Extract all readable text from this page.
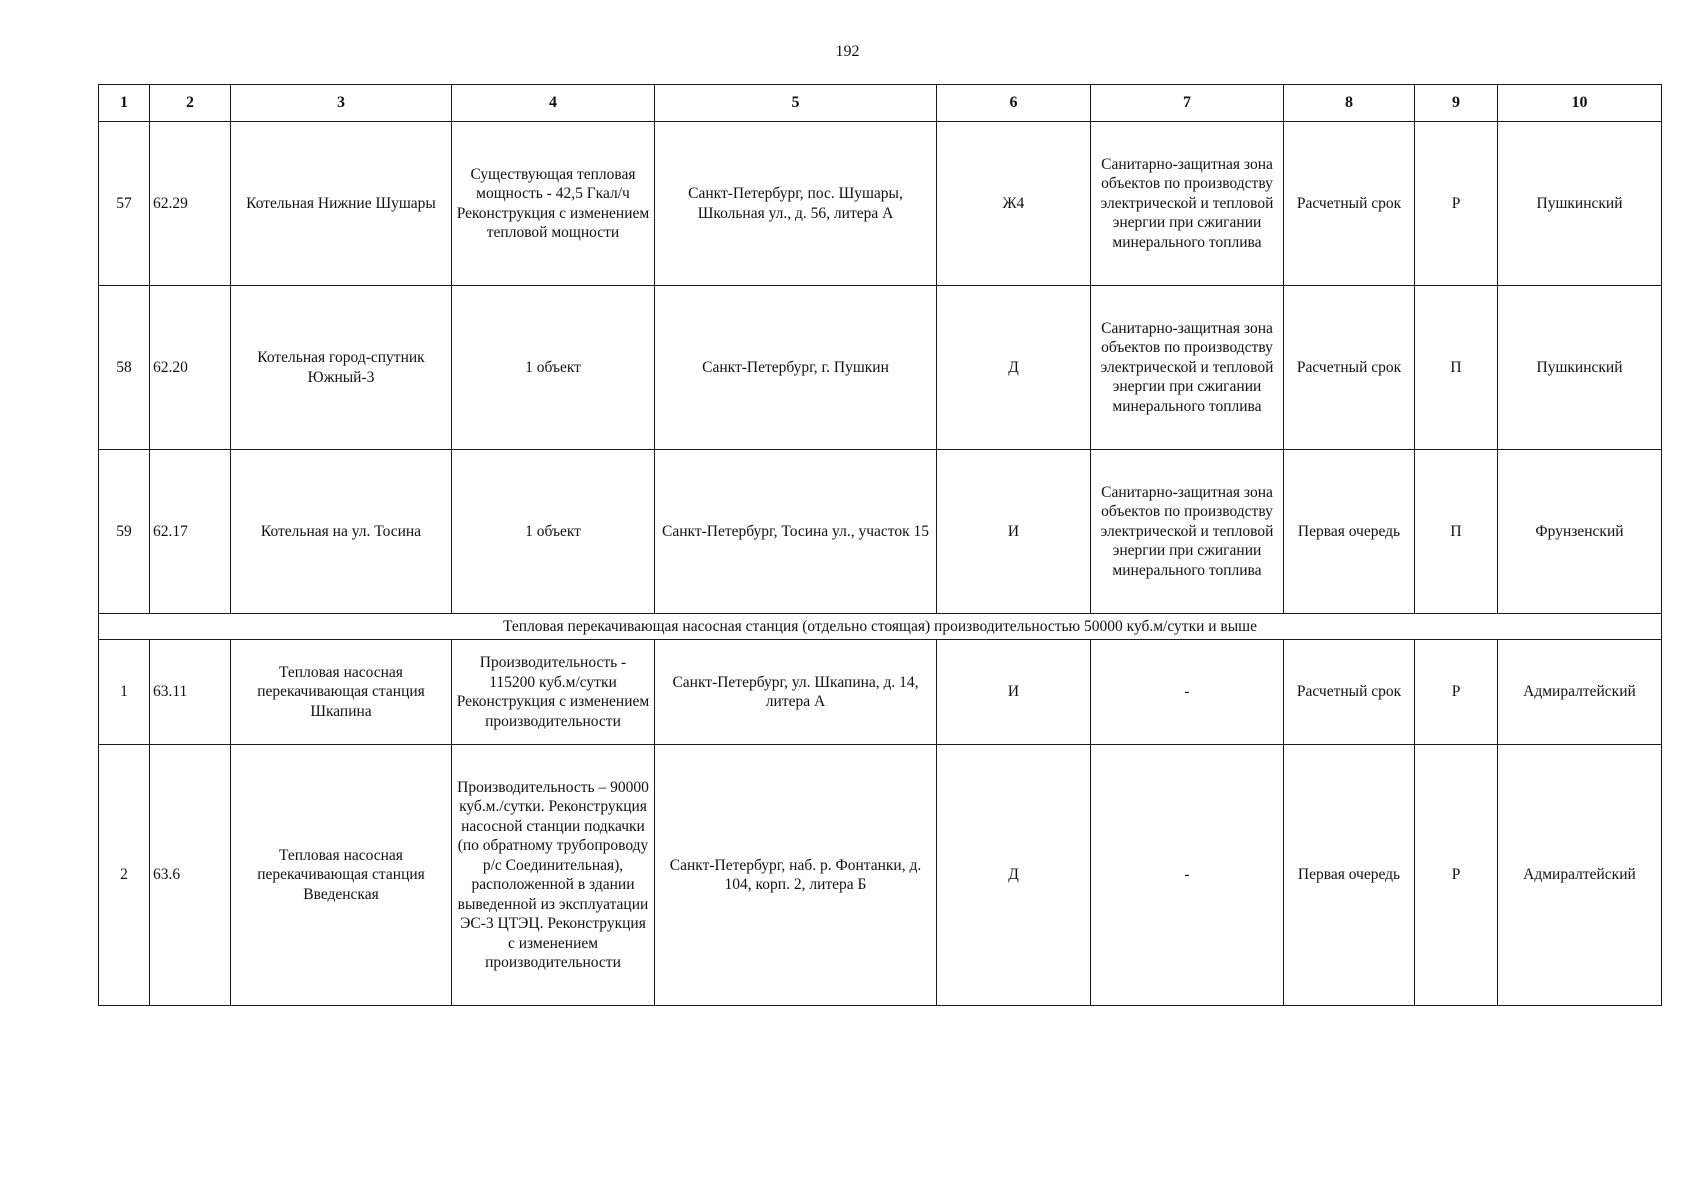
192
1	2	3	4	5	6	7	8	9	10
57	62.29	Котельная Нижние Шушары	Существующая тепловая мощность - 42,5 Гкал/ч Реконструкция с изменением тепловой мощности	Санкт-Петербург, пос. Шушары, Школьная ул., д. 56, литера А	Ж4	Санитарно-защитная зона объектов по производству электрической и тепловой энергии при сжигании минерального топлива	Расчетный срок	Р	Пушкинский
58	62.20	Котельная город-спутник Южный-3	1 объект	Санкт-Петербург, г. Пушкин	Д	Санитарно-защитная зона объектов по производству электрической и тепловой энергии при сжигании минерального топлива	Расчетный срок	П	Пушкинский
59	62.17	Котельная на ул. Тосина	1 объект	Санкт-Петербург, Тосина ул., участок 15	И	Санитарно-защитная зона объектов по производству электрической и тепловой энергии при сжигании минерального топлива	Первая очередь	П	Фрунзенский
Тепловая перекачивающая насосная станция (отдельно стоящая) производительностью 50000 куб.м/сутки и выше									
1	63.11	Тепловая насосная перекачивающая станция Шкапина	Производительность - 115200 куб.м/сутки Реконструкция с изменением производительности	Санкт-Петербург, ул. Шкапина, д. 14, литера А	И	-	Расчетный срок	Р	Адмиралтейский
2	63.6	Тепловая насосная перекачивающая станция Введенская	Производительность – 90000 куб.м./сутки. Реконструкция насосной станции подкачки (по обратному трубопроводу р/с Соединительная), расположенной в здании выведенной из эксплуатации ЭС-3 ЦТЭЦ. Реконструкция с изменением производительности	Санкт-Петербург, наб. р. Фонтанки, д. 104, корп. 2, литера Б	Д	-	Первая очередь	Р	Адмиралтейский
